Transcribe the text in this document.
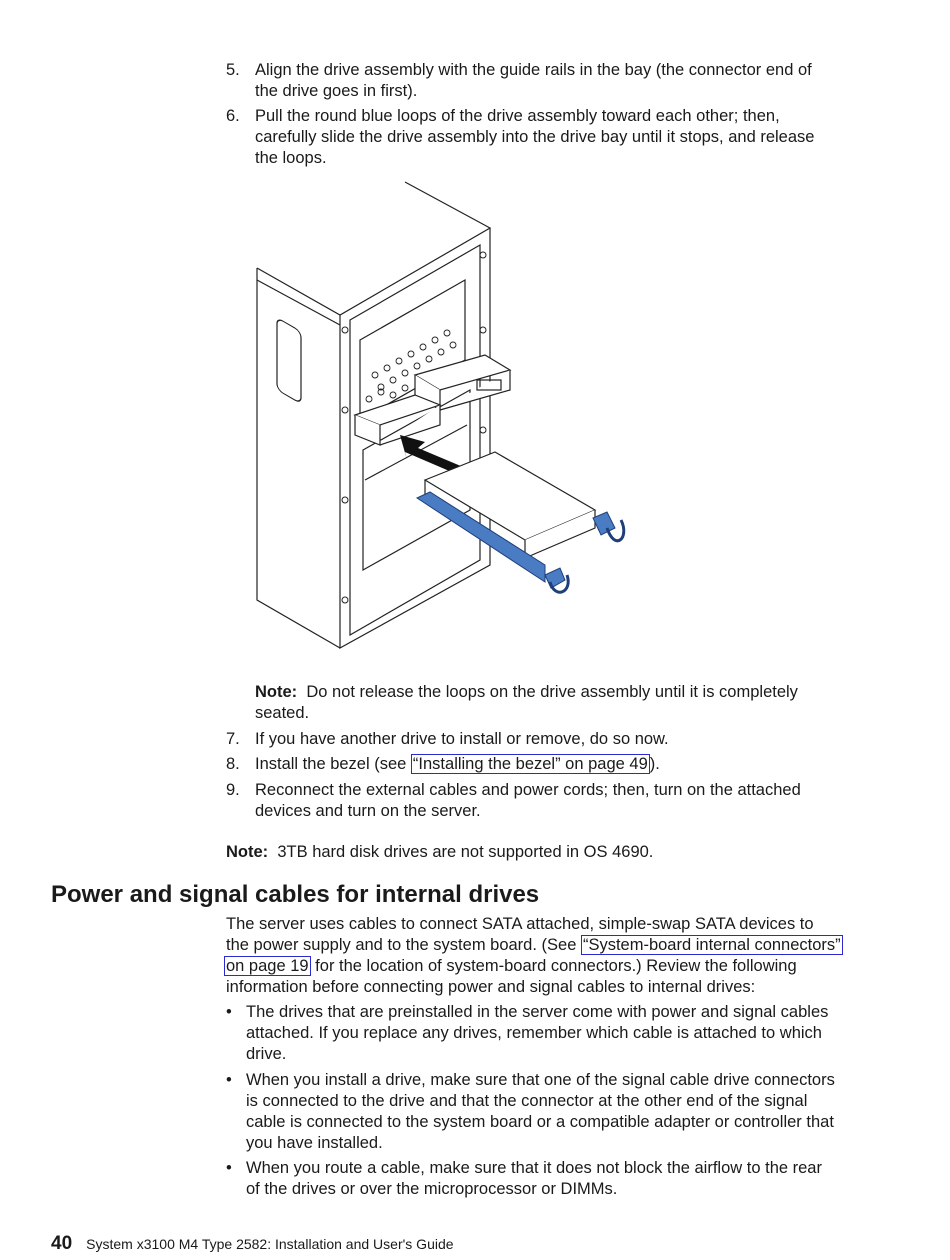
5. Align the drive assembly with the guide rails in the bay (the connector end of
the drive goes in first).
6. Pull the round blue loops of the drive assembly toward each other; then,
carefully slide the drive assembly into the drive bay until it stops, and release
the loops.
Note: Do not release the loops on the drive assembly until it is completely
seated.
7. If you have another drive to install or remove, do so now.
8. Install the bezel (see “Installing the bezel” on page 49 ).
9. Reconnect the external cables and power cords; then, turn on the attached
devices and turn on the server.
Note: 3TB hard disk drives are not supported in OS 4690.
Power and signal cables for internal drives
The server uses cables to connect SATA attached, simple-swap SATA devices to
the power supply and to the system board. (See “System-board internal connectors”
on page 19 for the location of system-board connectors.) Review the following
information before connecting power and signal cables to internal drives:
• The drives that are preinstalled in the server come with power and signal cables
attached. If you replace any drives, remember which cable is attached to which
drive.
• When you install a drive, make sure that one of the signal cable drive connectors
is connected to the drive and that the connector at the other end of the signal
cable is connected to the system board or a compatible adapter or controller that
you have installed.
• When you route a cable, make sure that it does not block the airflow to the rear
of the drives or over the microprocessor or DIMMs.
40 System x3100 M4 Type 2582: Installation and User's Guide
